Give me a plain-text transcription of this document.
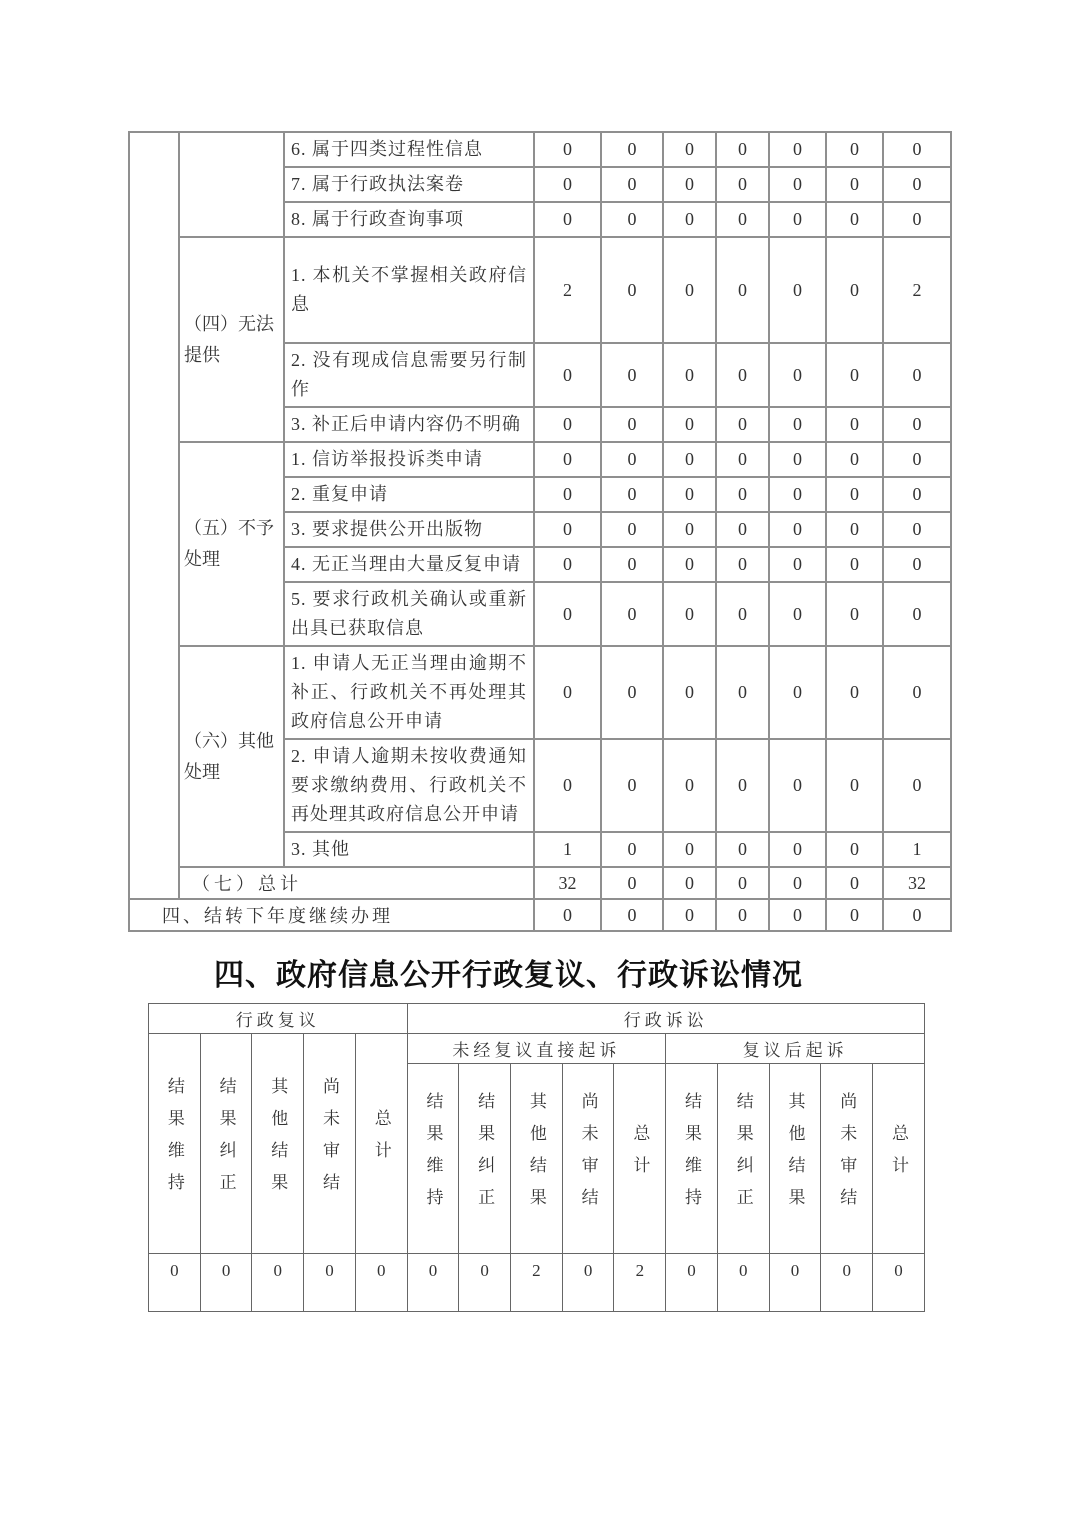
		6. 属于四类过程性信息	0	0	0	0	0	0	0
		7. 属于行政执法案卷	0	0	0	0	0	0	0
		8. 属于行政查询事项	0	0	0	0	0	0	0
	（四）无法提供	1. 本机关不掌握相关政府信息	2	0	0	0	0	0	2
		2. 没有现成信息需要另行制作	0	0	0	0	0	0	0
		3. 补正后申请内容仍不明确	0	0	0	0	0	0	0
	（五）不予处理	1. 信访举报投诉类申请	0	0	0	0	0	0	0
		2. 重复申请	0	0	0	0	0	0	0
		3. 要求提供公开出版物	0	0	0	0	0	0	0
		4. 无正当理由大量反复申请	0	0	0	0	0	0	0
		5. 要求行政机关确认或重新出具已获取信息	0	0	0	0	0	0	0
	（六）其他处理	1. 申请人无正当理由逾期不补正、行政机关不再处理其政府信息公开申请	0	0	0	0	0	0	0
		2. 申请人逾期未按收费通知要求缴纳费用、行政机关不再处理其政府信息公开申请	0	0	0	0	0	0	0
		3. 其他	1	0	0	0	0	0	1
	（七）总计		32	0	0	0	0	0	32
四、结转下年度继续办理			0	0	0	0	0	0	0
四、政府信息公开行政复议、行政诉讼情况
行政复议					行政诉讼									
结果维持	结果纠正	其他结果	尚未审结	总计	未经复议直接起诉					复议后起诉				
					结果维持	结果纠正	其他结果	尚未审结	总计	结果维持	结果纠正	其他结果	尚未审结	总计
0	0	0	0	0	0	0	2	0	2	0	0	0	0	0
